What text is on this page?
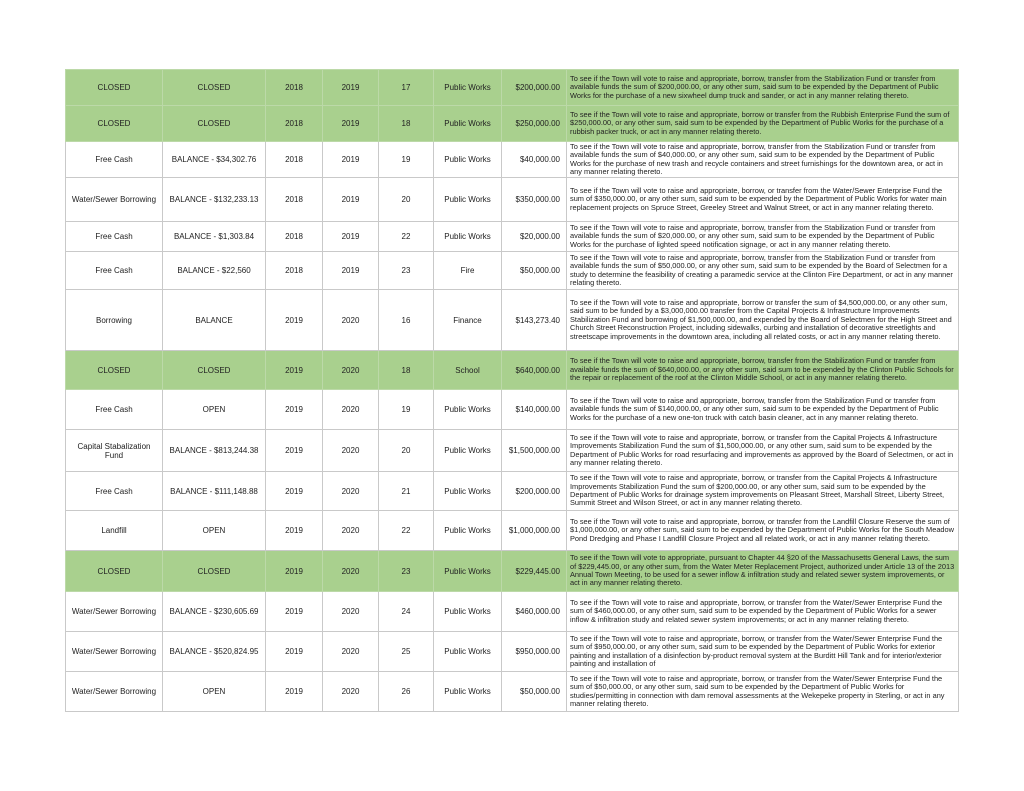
CLOSED	CLOSED	2018	2019	17	Public Works	$200,000.00	To see if the Town will vote to raise and appropriate, borrow, transfer from the Stabilization Fund or transfer from available funds the sum of $200,000.00, or any other sum, said sum to be expended by the Department of Public Works for the purchase of a new sixwheel dump truck and sander, or act in any manner relating thereto.
CLOSED	CLOSED	2018	2019	18	Public Works	$250,000.00	To see if the Town will vote to raise and appropriate, borrow or transfer from the Rubbish Enterprise Fund the sum of $250,000.00, or any other sum, said sum to be expended by the Department of Public Works for the purchase of a rubbish packer truck, or act in any manner relating thereto.
Free Cash	BALANCE - $34,302.76	2018	2019	19	Public Works	$40,000.00	To see if the Town will vote to raise and appropriate, borrow, transfer from the Stabilization Fund or transfer from available funds the sum of $40,000.00, or any other sum, said sum to be expended by the Department of Public Works for the purchase of new trash and recycle containers and street furnishings for the downtown area, or act in any manner relating thereto.
Water/Sewer Borrowing	BALANCE - $132,233.13	2018	2019	20	Public Works	$350,000.00	To see if the Town will vote to raise and appropriate, borrow, or transfer from the Water/Sewer Enterprise Fund the sum of $350,000.00, or any other sum, said sum to be expended by the Department of Public Works for water main replacement projects on Spruce Street, Greeley Street and Walnut Street, or act in any manner relating thereto.
Free Cash	BALANCE - $1,303.84	2018	2019	22	Public Works	$20,000.00	To see if the Town will vote to raise and appropriate, borrow, transfer from the Stabilization Fund or transfer from available funds the sum of $20,000.00, or any other sum, said sum to be expended by the Department of Public Works for the purchase of lighted speed notification signage, or act in any manner relating thereto.
Free Cash	BALANCE - $22,560	2018	2019	23	Fire	$50,000.00	To see if the Town will vote to raise and appropriate, borrow, transfer from the Stabilization Fund or transfer from available funds the sum of $50,000.00, or any other sum, said sum to be expended by the Board of Selectmen for a study to determine the feasibility of creating a paramedic service at the Clinton Fire Department, or act in any manner relating thereto.
Borrowing	BALANCE	2019	2020	16	Finance	$143,273.40	To see if the Town will vote to raise and appropriate, borrow or transfer the sum of $4,500,000.00, or any other sum, said sum to be funded by a $3,000,000.00 transfer from the Capital Projects & Infrastructure Improvements Stabilization Fund and borrowing of $1,500,000.00, and expended by the Board of Selectmen for the High Street and Church Street Reconstruction Project, including sidewalks, curbing and installation of decorative streetlights and streetscape improvements in the downtown area, including all related costs, or act in any manner relating thereto.
CLOSED	CLOSED	2019	2020	18	School	$640,000.00	To see if the Town will vote to raise and appropriate, borrow, transfer from the Stabilization Fund or transfer from available funds the sum of $640,000.00, or any other sum, said sum to be expended by the Clinton Public Schools for the repair or replacement of the roof at the Clinton Middle School, or act in any manner relating thereto.
Free Cash	OPEN	2019	2020	19	Public Works	$140,000.00	To see if the Town will vote to raise and appropriate, borrow, transfer from the Stabilization Fund or transfer from available funds the sum of $140,000.00, or any other sum, said sum to be expended by the Department of Public Works for the purchase of a new one-ton truck with catch basin cleaner, act in any manner relating thereto.
Capital Stabalization Fund	BALANCE - $813,244.38	2019	2020	20	Public Works	$1,500,000.00	To see if the Town will vote to raise and appropriate, borrow, or transfer from the Capital Projects & Infrastructure Improvements Stabilization Fund the sum of $1,500,000.00, or any other sum, said sum to be expended by the Department of Public Works for road resurfacing and improvements as approved by the Board of Selectmen, or act in any manner relating thereto.
Free Cash	BALANCE - $111,148.88	2019	2020	21	Public Works	$200,000.00	To see if the Town will vote to raise and appropriate, borrow, or transfer from the Capital Projects & Infrastructure Improvements Stabilization Fund the sum of $200,000.00, or any other sum, said sum to be expended by the Department of Public Works for drainage system improvements on Pleasant Street, Marshall Street, Liberty Street, Summit Street and Wilson Street, or act in any manner relating thereto.
Landfill	OPEN	2019	2020	22	Public Works	$1,000,000.00	To see if the Town will vote to raise and appropriate, borrow, or transfer from the Landfill Closure Reserve the sum of $1,000,000.00, or any other sum, said sum to be expended by the Department of Public Works for the South Meadow Pond Dredging and Phase I Landfill Closure Project and all related work, or act in any manner relating thereto.
CLOSED	CLOSED	2019	2020	23	Public Works	$229,445.00	To see if the Town will vote to appropriate, pursuant to Chapter 44 §20 of the Massachusetts General Laws, the sum of $229,445.00, or any other sum, from the Water Meter Replacement Project, authorized under Article 13 of the 2013 Annual Town Meeting, to be used for a sewer inflow & infiltration study and related sewer system improvements, or act in any manner relating thereto.
Water/Sewer Borrowing	BALANCE - $230,605.69	2019	2020	24	Public Works	$460,000.00	To see if the Town will vote to raise and appropriate, borrow, or transfer from the Water/Sewer Enterprise Fund the sum of $460,000.00, or any other sum, said sum to be expended by the Department of Public Works for a sewer inflow & infiltration study and related sewer system improvements; or act in any manner relating thereto.
Water/Sewer Borrowing	BALANCE - $520,824.95	2019	2020	25	Public Works	$950,000.00	To see if the Town will vote to raise and appropriate, borrow, or transfer from the Water/Sewer Enterprise Fund the sum of $950,000.00, or any other sum, said sum to be expended by the Department of Public Works for exterior painting and installation of a disinfection by-product removal system at the Burditt Hill Tank and for interior/exterior painting and installation of
Water/Sewer Borrowing	OPEN	2019	2020	26	Public Works	$50,000.00	To see if the Town will vote to raise and appropriate, borrow, or transfer from the Water/Sewer Enterprise Fund the sum of $50,000.00, or any other sum, said sum to be expended by the Department of Public Works for studies/permitting in connection with dam removal assessments at the Wekepeke property in Sterling, or act in any manner relating thereto.
